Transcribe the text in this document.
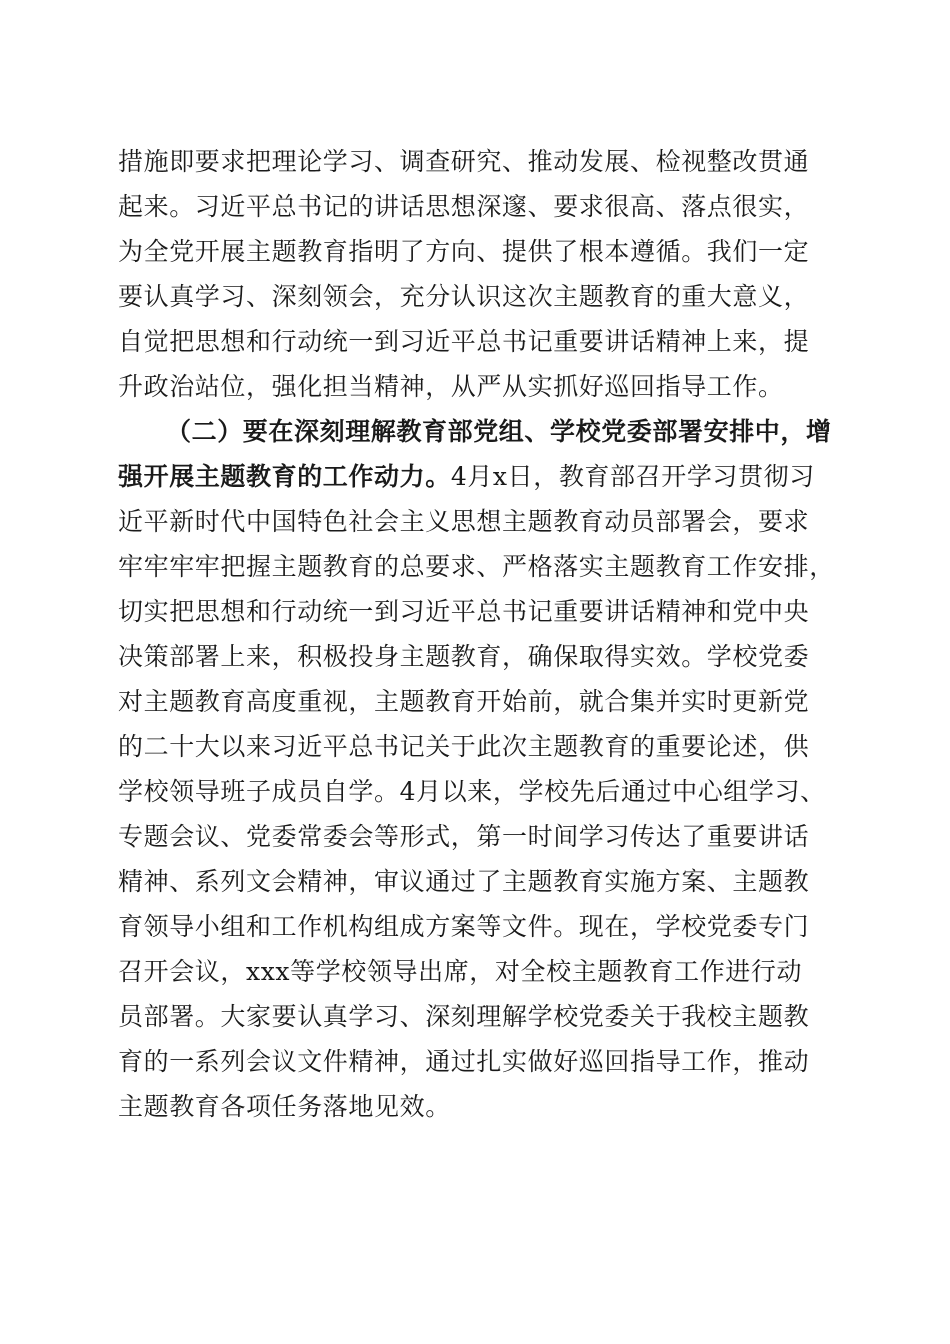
措施即要求把理论学习、调查研究、推动发展、检视整改贯通
起来。习近平总书记的讲话思想深邃、要求很高、落点很实，
为全党开展主题教育指明了方向、提供了根本遵循。我们一定
要认真学习、深刻领会，充分认识这次主题教育的重大意义，
自觉把思想和行动统一到习近平总书记重要讲话精神上来，提
升政治站位，强化担当精神，从严从实抓好巡回指导工作。
（二）要在深刻理解教育部党组、学校党委部署安排中，增
强开展主题教育的工作动力。4月x日，教育部召开学习贯彻习
近平新时代中国特色社会主义思想主题教育动员部署会，要求
牢牢牢牢把握主题教育的总要求、严格落实主题教育工作安排，
切实把思想和行动统一到习近平总书记重要讲话精神和党中央
决策部署上来，积极投身主题教育，确保取得实效。学校党委
对主题教育高度重视，主题教育开始前，就合集并实时更新党
的二十大以来习近平总书记关于此次主题教育的重要论述，供
学校领导班子成员自学。4月以来，学校先后通过中心组学习、
专题会议、党委常委会等形式，第一时间学习传达了重要讲话
精神、系列文会精神，审议通过了主题教育实施方案、主题教
育领导小组和工作机构组成方案等文件。现在，学校党委专门
召开会议，xxx等学校领导出席，对全校主题教育工作进行动
员部署。大家要认真学习、深刻理解学校党委关于我校主题教
育的一系列会议文件精神，通过扎实做好巡回指导工作，推动
主题教育各项任务落地见效。
